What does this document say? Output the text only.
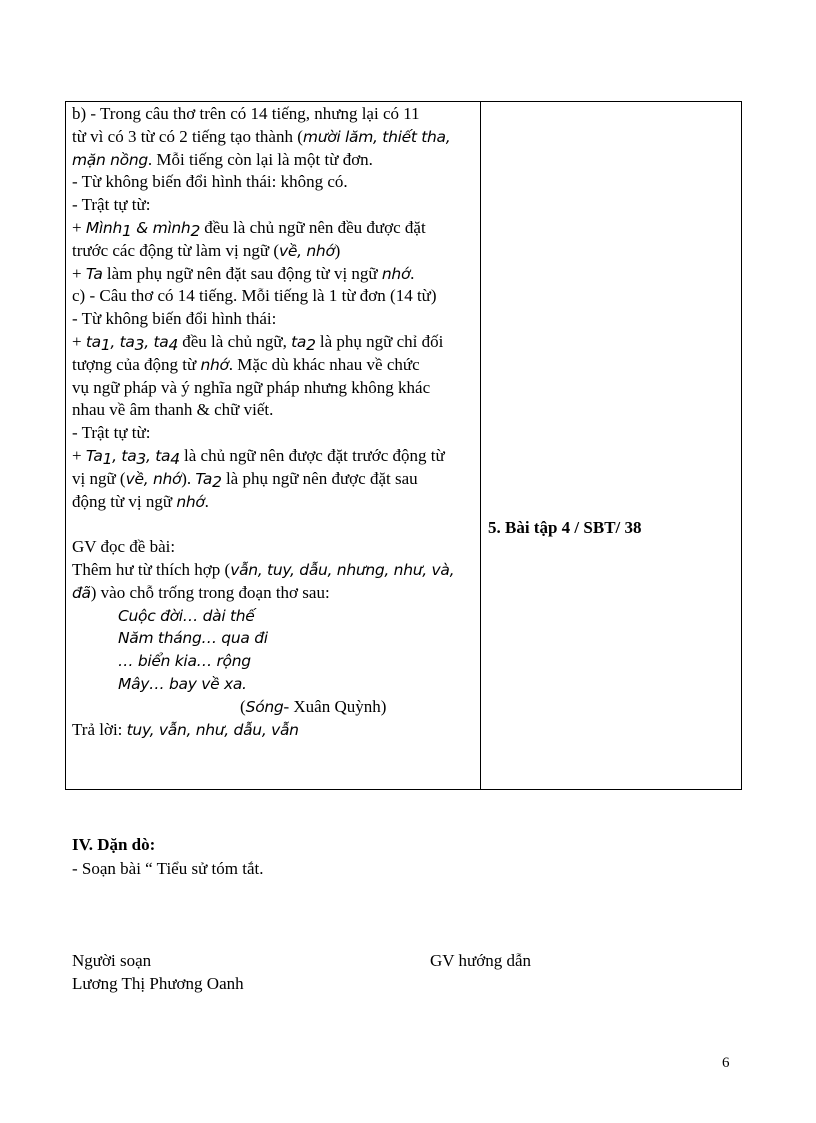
b) - Trong câu thơ trên có 14 tiếng, nhưng lại có 11
từ vì có 3 từ có 2 tiếng tạo thành (mười lăm, thiết tha,
mặn nồng. Mỗi tiếng còn lại là một từ đơn.
- Từ không biến đổi hình thái: không có.
- Trật tự từ:
+ Mình$_1$ & mình$_2$ đều là chủ ngữ nên đều được đặt
trước các động từ làm vị ngữ (về, nhớ)
+ Ta làm phụ ngữ nên đặt sau động từ vị ngữ nhớ.
c) - Câu thơ có 14 tiếng. Mỗi tiếng là 1 từ đơn (14 từ)
- Từ không biến đổi hình thái:
+ $ta_1$, $ta_3$, $ta_4$ đều là chủ ngữ, $ta_2$ là phụ ngữ chỉ đối
tượng của động từ nhớ. Mặc dù khác nhau về chức
vụ ngữ pháp và ý nghĩa ngữ pháp nhưng không khác
nhau về âm thanh & chữ viết.
- Trật tự từ:
+ $Ta_1$, $ta_3$, $ta_4$ là chủ ngữ nên được đặt trước động từ
vị ngữ (về, nhớ). $Ta_2$ là phụ ngữ nên được đặt sau
động từ vị ngữ nhớ.
GV đọc đề bài:
Thêm hư từ thích hợp (vẫn, tuy, dẫu, nhưng, như, và,
đã) vào chỗ trống trong đoạn thơ sau:
Cuộc đời… dài thế
Năm tháng… qua đi
… biển kia… rộng
Mây… bay về xa.
(Sóng- Xuân Quỳnh)
Trả lời: tuy, vẫn, như, dẫu, vẫn
5. Bài tập 4 / SBT/ 38
IV. Dặn dò:
- Soạn bài “ Tiểu sử tóm tắt.
Người soạn
Lương Thị Phương Oanh
GV hướng dẫn
6
